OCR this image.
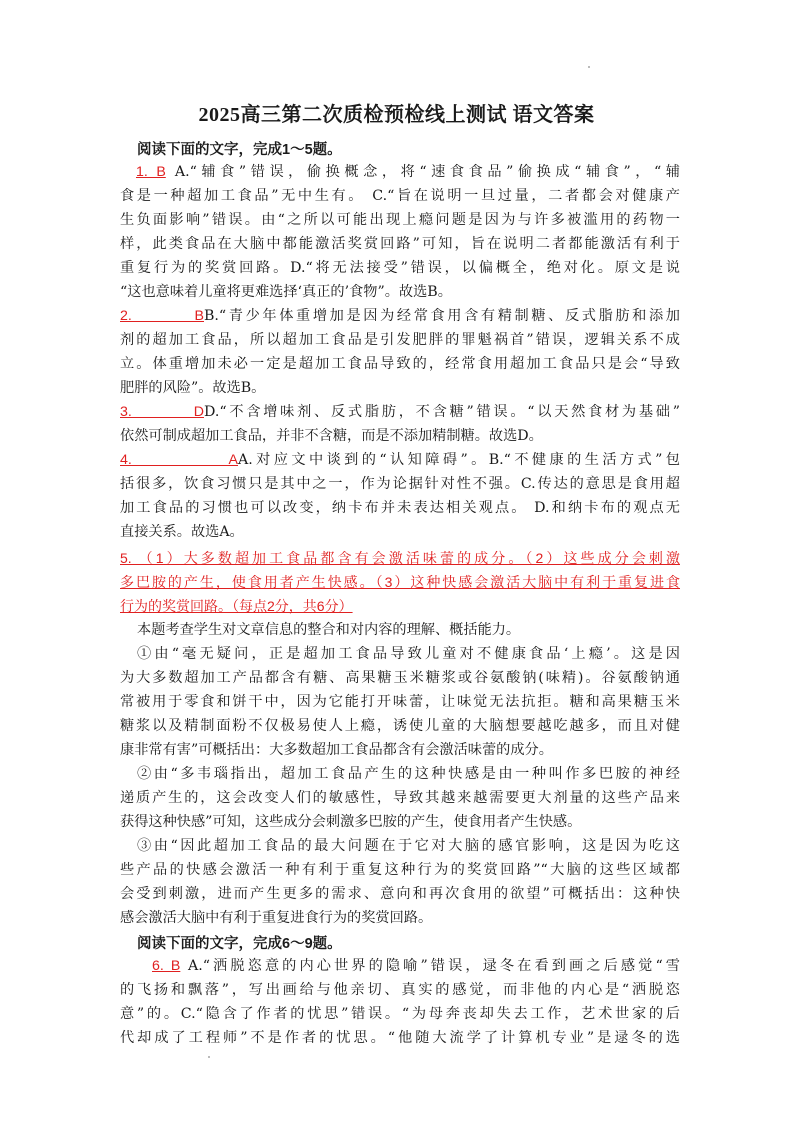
2025高三第二次质检预检线上测试 语文答案
阅读下面的文字，完成1～5题。
1. B A.“辅食”错误，偷换概念，将“速食食品”偷换成“辅食”，“辅
食是一种超加工食品”无中生有。 C.“旨在说明一旦过量，二者都会对健康产
生负面影响”错误。由“之所以可能出现上瘾问题是因为与许多被滥用的药物一
样，此类食品在大脑中都能激活奖赏回路”可知，旨在说明二者都能激活有利于
重复行为的奖赏回路。D.“将无法接受”错误，以偏概全，绝对化。原文是说
“这也意味着儿童将更难选择‘真正的’食物”。故选B。
2. BB.“青少年体重增加是因为经常食用含有精制糖、反式脂肪和添加
剂的超加工食品，所以超加工食品是引发肥胖的罪魁祸首”错误，逻辑关系不成
立。体重增加未必一定是超加工食品导致的，经常食用超加工食品只是会“导致
肥胖的风险”。故选B。
3. DD.“不含增味剂、反式脂肪，不含糖”错误。“以天然食材为基础”
依然可制成超加工食品，并非不含糖，而是不添加精制糖。故选D。
4. AA.对应文中谈到的“认知障碍”。B.“不健康的生活方式”包
括很多，饮食习惯只是其中之一，作为论据针对性不强。C.传达的意思是食用超
加工食品的习惯也可以改变，纳卡布并未表达相关观点。 D.和纳卡布的观点无
直接关系。故选A。
5. （1）大多数超加工食品都含有会激活味蕾的成分。（2）这些成分会刺激
多巴胺的产生，使食用者产生快感。（3）这种快感会激活大脑中有利于重复进食
行为的奖赏回路。（每点2分，共6分）
本题考查学生对文章信息的整合和对内容的理解、概括能力。
①由“毫无疑问，正是超加工食品导致儿童对不健康食品‘上瘾’。这是因
为大多数超加工产品都含有糖、高果糖玉米糖浆或谷氨酸钠(味精)。谷氨酸钠通
常被用于零食和饼干中，因为它能打开味蕾，让味觉无法抗拒。糖和高果糖玉米
糖浆以及精制面粉不仅极易使人上瘾，诱使儿童的大脑想要越吃越多，而且对健
康非常有害”可概括出：大多数超加工食品都含有会激活味蕾的成分。
②由“多韦瑙指出，超加工食品产生的这种快感是由一种叫作多巴胺的神经
递质产生的，这会改变人们的敏感性，导致其越来越需要更大剂量的这些产品来
获得这种快感”可知，这些成分会刺激多巴胺的产生，使食用者产生快感。
③由“因此超加工食品的最大问题在于它对大脑的感官影响，这是因为吃这
些产品的快感会激活一种有利于重复这种行为的奖赏回路”“大脑的这些区域都
会受到刺激，进而产生更多的需求、意向和再次食用的欲望”可概括出：这种快
感会激活大脑中有利于重复进食行为的奖赏回路。
阅读下面的文字，完成6～9题。
6. B A.“洒脱恣意的内心世界的隐喻”错误，逯冬在看到画之后感觉“雪
的飞扬和飘落”，写出画给与他亲切、真实的感觉，而非他的内心是“洒脱恣
意”的。C.“隐含了作者的忧思”错误。“为母奔丧却失去工作，艺术世家的后
代却成了工程师”不是作者的忧思。“他随大流学了计算机专业”是逯冬的选
